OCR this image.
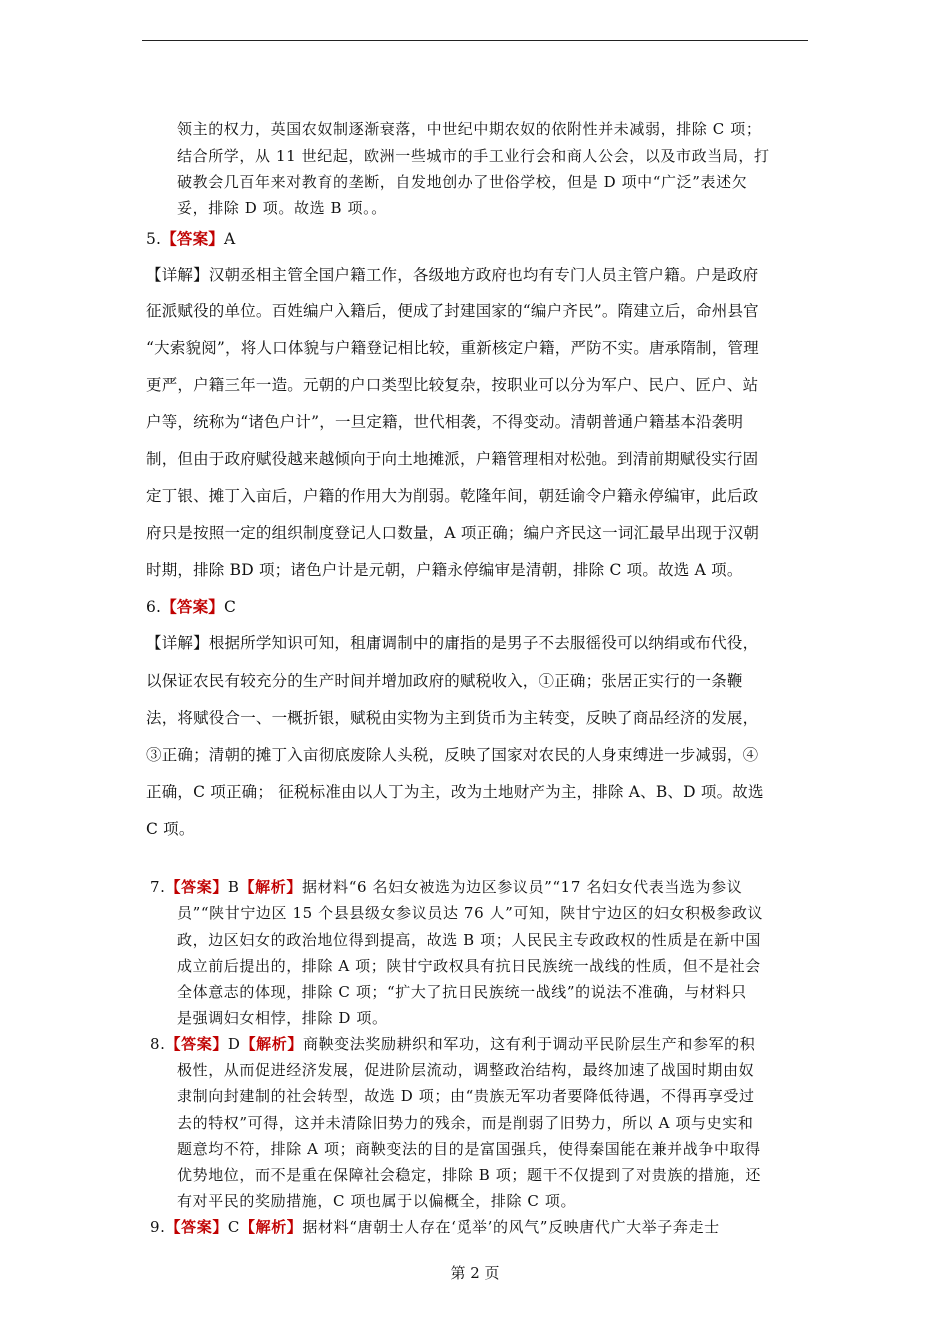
领主的权力，英国农奴制逐渐衰落，中世纪中期农奴的依附性并未减弱，排除 C 项；
结合所学，从 11 世纪起，欧洲一些城市的手工业行会和商人公会，以及市政当局，打
破教会几百年来对教育的垄断，自发地创办了世俗学校，但是 D 项中“广泛”表述欠
妥，排除 D 项。故选 B 项。。
5.【答案】A
【详解】汉朝丞相主管全国户籍工作，各级地方政府也均有专门人员主管户籍。户是政府
征派赋役的单位。百姓编户入籍后，便成了封建国家的“编户齐民”。隋建立后，命州县官
“大索貌阅”，将人口体貌与户籍登记相比较，重新核定户籍，严防不实。唐承隋制，管理
更严，户籍三年一造。元朝的户口类型比较复杂，按职业可以分为军户、民户、匠户、站
户等，统称为“诸色户计”，一旦定籍，世代相袭，不得变动。清朝普通户籍基本沿袭明
制，但由于政府赋役越来越倾向于向土地摊派，户籍管理相对松弛。到清前期赋役实行固
定丁银、摊丁入亩后，户籍的作用大为削弱。乾隆年间，朝廷谕令户籍永停编审，此后政
府只是按照一定的组织制度登记人口数量，A 项正确；编户齐民这一词汇最早出现于汉朝
时期，排除 BD 项；诸色户计是元朝，户籍永停编审是清朝，排除 C 项。故选 A 项。
6.【答案】C
【详解】根据所学知识可知，租庸调制中的庸指的是男子不去服徭役可以纳绢或布代役，
以保证农民有较充分的生产时间并增加政府的赋税收入，①正确；张居正实行的一条鞭
法，将赋役合一、一概折银，赋税由实物为主到货币为主转变，反映了商品经济的发展，
③正确；清朝的摊丁入亩彻底废除人头税，反映了国家对农民的人身束缚进一步减弱，④
正确，C 项正确； 征税标准由以人丁为主，改为土地财产为主，排除 A、B、D 项。故选
C 项。
7.【答案】B【解析】据材料“6 名妇女被选为边区参议员”“17 名妇女代表当选为参议
员”“陕甘宁边区 15 个县县级女参议员达 76 人”可知，陕甘宁边区的妇女积极参政议
政，边区妇女的政治地位得到提高，故选 B 项；人民民主专政政权的性质是在新中国
成立前后提出的，排除 A 项；陕甘宁政权具有抗日民族统一战线的性质，但不是社会
全体意志的体现，排除 C 项；“扩大了抗日民族统一战线”的说法不准确，与材料只
是强调妇女相悖，排除 D 项。
8.【答案】D【解析】商鞅变法奖励耕织和军功，这有利于调动平民阶层生产和参军的积
极性，从而促进经济发展，促进阶层流动，调整政治结构，最终加速了战国时期由奴
隶制向封建制的社会转型，故选 D 项；由“贵族无军功者要降低待遇，不得再享受过
去的特权”可得，这并未清除旧势力的残余，而是削弱了旧势力，所以 A 项与史实和
题意均不符，排除 A 项；商鞅变法的目的是富国强兵，使得秦国能在兼并战争中取得
优势地位，而不是重在保障社会稳定，排除 B 项；题干不仅提到了对贵族的措施，还
有对平民的奖励措施，C 项也属于以偏概全，排除 C 项。
9.【答案】C【解析】据材料“唐朝士人存在‘觅举’的风气”反映唐代广大举子奔走士
第 2 页
